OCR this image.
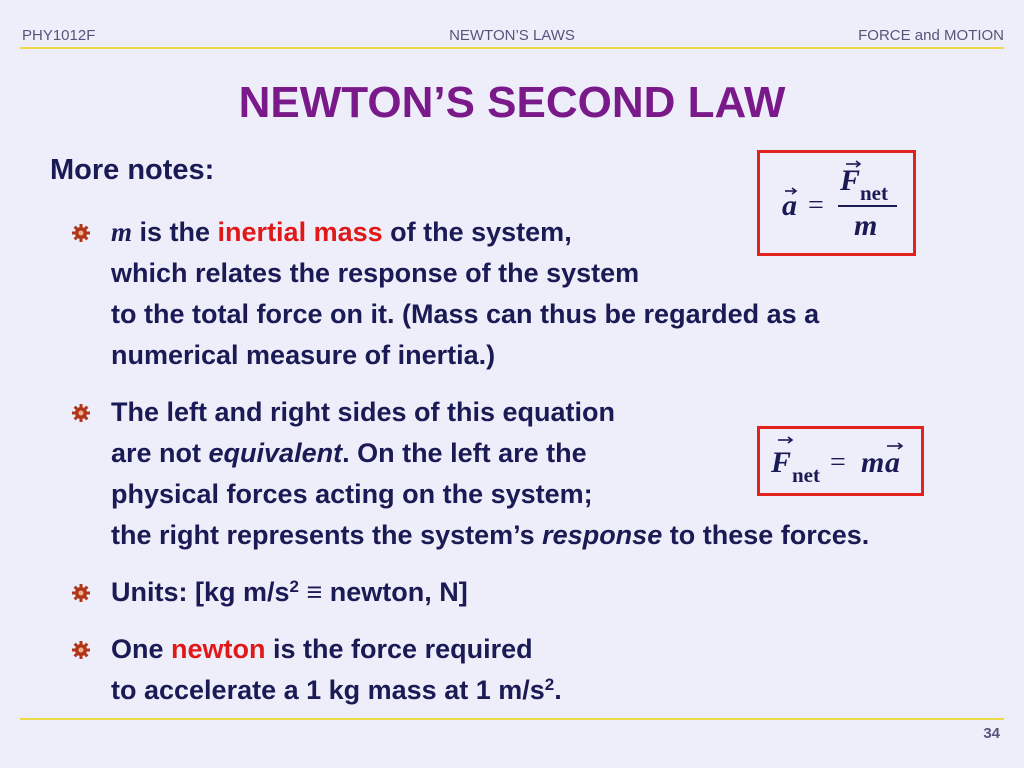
PHY1012F	NEWTON’S LAWS	FORCE and MOTION
NEWTON’S SECOND LAW
More notes:
a =
F net
m
m is the inertial mass of the system,
which relates the response of the system
to the total force on it. (Mass can thus be regarded as a
numerical measure of inertia.)
F net = m a
The left and right sides of this equation
are not equivalent. On the left are the
physical forces acting on the system;
the right represents the system’s response to these forces.
Units: [kg $m/s^2$ ≡ newton, N]
One newton is the force required
to accelerate a 1 kg mass at 1 $m/s^2$.
34
